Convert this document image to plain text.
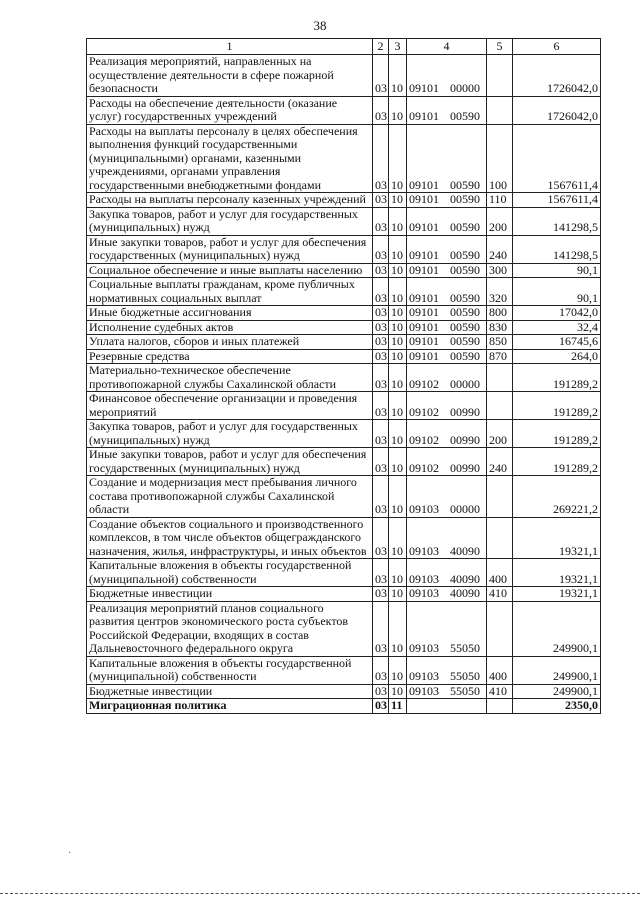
38
1	2	3	4	5	6
Реализация мероприятий, направленных на осуществление деятельности в сфере пожарной безопасности	03	10	09101 00000		1726042,0
Расходы на обеспечение деятельности (оказание услуг) государственных учреждений	03	10	09101 00590		1726042,0
Расходы на выплаты персоналу в целях обеспечения выполнения функций государственными (муниципальными) органами, казенными учреждениями, органами управления государственными внебюджетными фондами	03	10	09101 00590	100	1567611,4
Расходы на выплаты персоналу казенных учреждений	03	10	09101 00590	110	1567611,4
Закупка товаров, работ и услуг для государственных (муниципальных) нужд	03	10	09101 00590	200	141298,5
Иные закупки товаров, работ и услуг для обеспечения государственных (муниципальных) нужд	03	10	09101 00590	240	141298,5
Социальное обеспечение и иные выплаты населению	03	10	09101 00590	300	90,1
Социальные выплаты гражданам, кроме публичных нормативных социальных выплат	03	10	09101 00590	320	90,1
Иные бюджетные ассигнования	03	10	09101 00590	800	17042,0
Исполнение судебных актов	03	10	09101 00590	830	32,4
Уплата налогов, сборов и иных платежей	03	10	09101 00590	850	16745,6
Резервные средства	03	10	09101 00590	870	264,0
Материально-техническое обеспечение противопожарной службы Сахалинской области	03	10	09102 00000		191289,2
Финансовое обеспечение организации и проведения мероприятий	03	10	09102 00990		191289,2
Закупка товаров, работ и услуг для государственных (муниципальных) нужд	03	10	09102 00990	200	191289,2
Иные закупки товаров, работ и услуг для обеспечения государственных (муниципальных) нужд	03	10	09102 00990	240	191289,2
Создание и модернизация мест пребывания личного состава противопожарной службы Сахалинской области	03	10	09103 00000		269221,2
Создание объектов социального и производственного комплексов, в том числе объектов общегражданского назначения, жилья, инфраструктуры, и иных объектов	03	10	09103 40090		19321,1
Капитальные вложения в объекты государственной (муниципальной) собственности	03	10	09103 40090	400	19321,1
Бюджетные инвестиции	03	10	09103 40090	410	19321,1
Реализация мероприятий планов социального развития центров экономического роста субъектов Российской Федерации, входящих в состав Дальневосточного федерального округа	03	10	09103 55050		249900,1
Капитальные вложения в объекты государственной (муниципальной) собственности	03	10	09103 55050	400	249900,1
Бюджетные инвестиции	03	10	09103 55050	410	249900,1
Миграционная политика	03	11			2350,0
·
